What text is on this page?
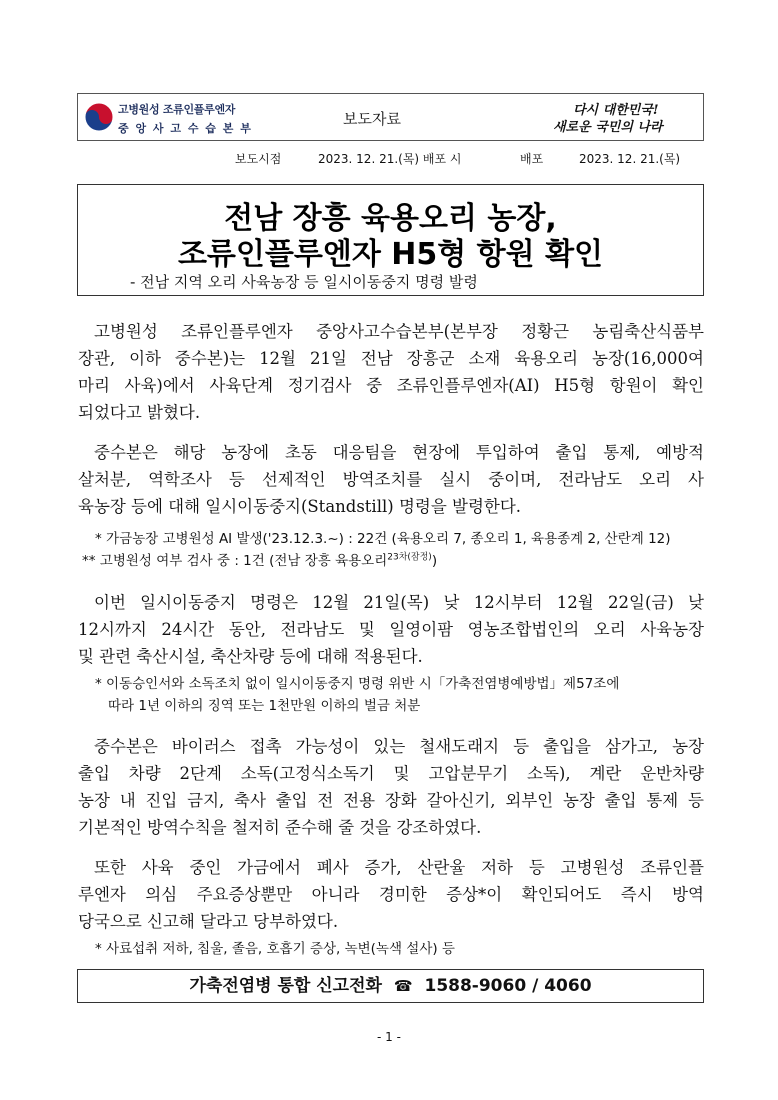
고병원성 조류인플루엔자
중 앙 사 고 수 습 본 부
보도자료	다시 대한민국!
새로운 국민의 나라
보도시점	2023. 12. 21.(목) 배포 시	배포	2023. 12. 21.(목)
전남 장흥 육용오리 농장,
조류인플루엔자 H5형 항원 확인
- 전남 지역 오리 사육농장 등 일시이동중지 명령 발령
고병원성 조류인플루엔자 중앙사고수습본부(본부장 정황근 농림축산식품부
장관, 이하 중수본)는 12월 21일 전남 장흥군 소재 육용오리 농장(16,000여
마리 사육)에서 사육단계 정기검사 중 조류인플루엔자(AI) H5형 항원이 확인
되었다고 밝혔다.
중수본은 해당 농장에 초동 대응팀을 현장에 투입하여 출입 통제, 예방적
살처분, 역학조사 등 선제적인 방역조치를 실시 중이며, 전라남도 오리 사
육농장 등에 대해 일시이동중지(Standstill) 명령을 발령한다.
* 가금농장 고병원성 AI 발생('23.12.3.~) : 22건 (육용오리 7, 종오리 1, 육용종계 2, 산란계 12)
** 고병원성 여부 검사 중 : 1건 (전남 장흥 육용오리$^{23차(잠정)}$)
이번 일시이동중지 명령은 12월 21일(목) 낮 12시부터 12월 22일(금) 낮
12시까지 24시간 동안, 전라남도 및 일영이팜 영농조합법인의 오리 사육농장
및 관련 축산시설, 축산차량 등에 대해 적용된다.
* 이동승인서와 소독조치 없이 일시이동중지 명령 위반 시「가축전염병예방법」제57조에
따라 1년 이하의 징역 또는 1천만원 이하의 벌금 처분
중수본은 바이러스 접촉 가능성이 있는 철새도래지 등 출입을 삼가고, 농장
출입 차량 2단계 소독(고정식소독기 및 고압분무기 소독), 계란 운반차량
농장 내 진입 금지, 축사 출입 전 전용 장화 갈아신기, 외부인 농장 출입 통제 등
기본적인 방역수칙을 철저히 준수해 줄 것을 강조하였다.
또한 사육 중인 가금에서 폐사 증가, 산란율 저하 등 고병원성 조류인플
루엔자 의심 주요증상뿐만 아니라 경미한 증상*이 확인되어도 즉시 방역
당국으로 신고해 달라고 당부하였다.
* 사료섭취 저하, 침울, 졸음, 호흡기 증상, 녹변(녹색 설사) 등
가축전염병 통합 신고전화 ☎ 1588-9060 / 4060
- 1 -
